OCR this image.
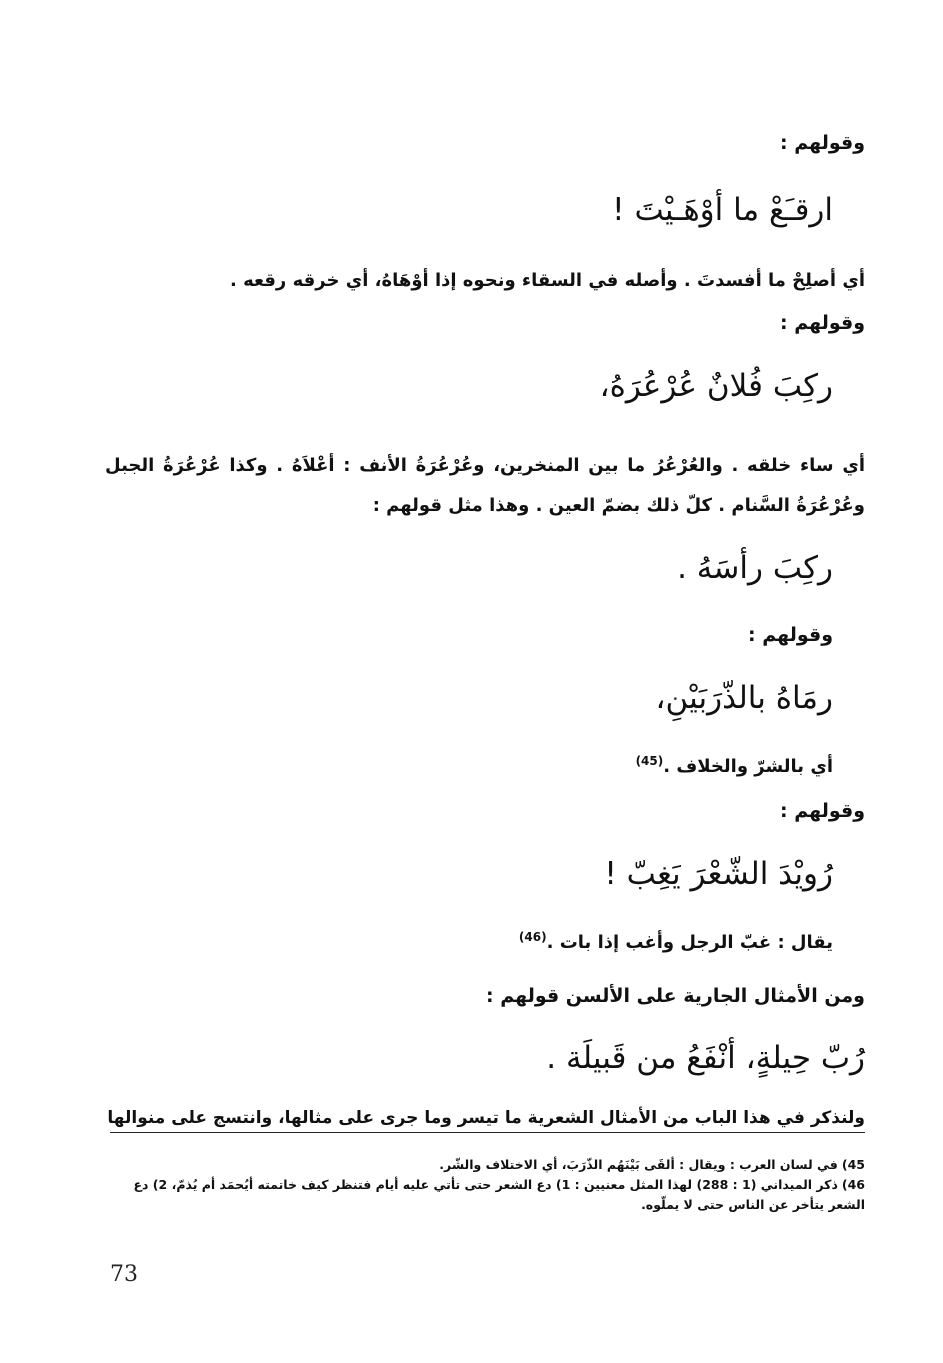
وقولهم :
ارقـَعْ ما أوْهَـيْتَ !
أي أصلِحْ ما أفسدتَ . وأصله في السقاء ونحوه إذا أوْهَاهُ، أي خرقه رقعه .
وقولهم :
ركِبَ فُلانٌ عُرْعُرَهُ،
أي ساء خلقه . والعُرْعُرُ ما بين المنخرين، وعُرْعُرَةُ الأنف : أعْلاَهُ . وكذا عُرْعُرَةُ الجبل وعُرْعُرَةُ السَّنام . كلّ ذلك بضمّ العين . وهذا مثل قولهم :
ركِبَ رأسَهُ .
وقولهم :
رمَاهُ بالذّرَبَيْنِ،
أي بالشرّ والخلاف .$^{(45)}$
وقولهم :
رُويْدَ الشّعْرَ يَغِبّ !
يقال : غبّ الرجل وأغب إذا بات .$^{(46)}$
ومن الأمثال الجارية على الألسن قولهم :
رُبّ حِيلةٍ، أنْفَعُ من قَبيلَة .
ولنذكر في هذا الباب من الأمثال الشعرية ما تيسر وما جرى على مثالها، وانتسج على منوالها
45)في لسان العرب : ويقال : ألقَى بَيْنَهُم الذّرَبَ، أي الاختلاف والشّر.
46)ذكر الميداني (1 : 288) لهذا المثل معنيين : 1) دع الشعر حتى تأتي عليه أيام فتنظر كيف خاتمته أيُحمَد أم يُذمّ، 2) دع الشعر يتأخر عن الناس حتى لا يملّوه.
73
